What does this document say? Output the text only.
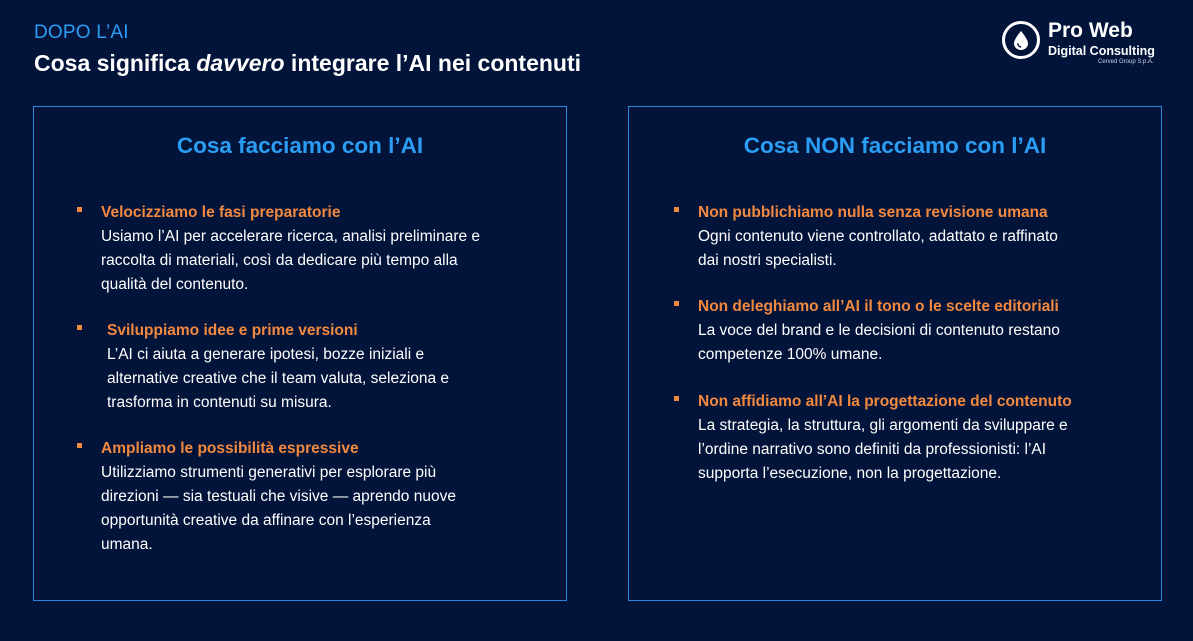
DOPO L’AI
Cosa significa davvero integrare l’AI nei contenuti
Pro Web
Digital Consulting
Cerved Group S.p.A.
Cosa facciamo con l’AI
Velocizziamo le fasi preparatorie
Usiamo l’AI per accelerare ricerca, analisi preliminare e
raccolta di materiali, così da dedicare più tempo alla
qualità del contenuto.
Sviluppiamo idee e prime versioni
L’AI ci aiuta a generare ipotesi, bozze iniziali e
alternative creative che il team valuta, seleziona e
trasforma in contenuti su misura.
Ampliamo le possibilità espressive
Utilizziamo strumenti generativi per esplorare più
direzioni — sia testuali che visive — aprendo nuove
opportunità creative da affinare con l’esperienza
umana.
Cosa NON facciamo con l’AI
Non pubblichiamo nulla senza revisione umana
Ogni contenuto viene controllato, adattato e raffinato
dai nostri specialisti.
Non deleghiamo all’AI il tono o le scelte editoriali
La voce del brand e le decisioni di contenuto restano
competenze 100% umane.
Non affidiamo all’AI la progettazione del contenuto
La strategia, la struttura, gli argomenti da sviluppare e
l’ordine narrativo sono definiti da professionisti: l’AI
supporta l’esecuzione, non la progettazione.
